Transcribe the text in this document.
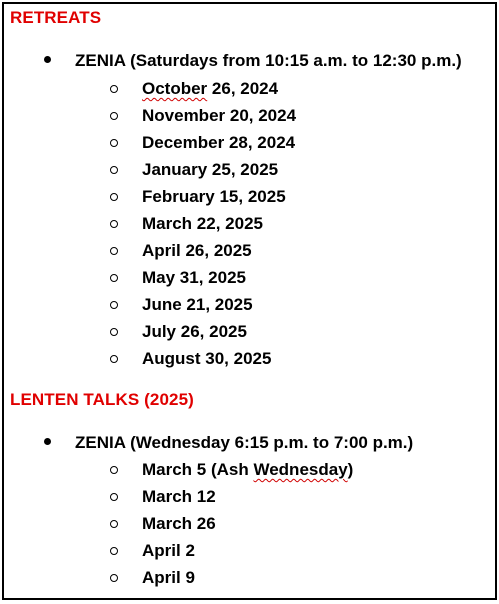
RETREATS
ZENIA (Saturdays from 10:15 a.m. to 12:30 p.m.)
October 26, 2024
November 20, 2024
December 28, 2024
January 25, 2025
February 15, 2025
March 22, 2025
April 26, 2025
May 31, 2025
June 21, 2025
July 26, 2025
August 30, 2025
LENTEN TALKS (2025)
ZENIA (Wednesday 6:15 p.m. to 7:00 p.m.)
March 5 (Ash Wednesday)
March 12
March 26
April 2
April 9
